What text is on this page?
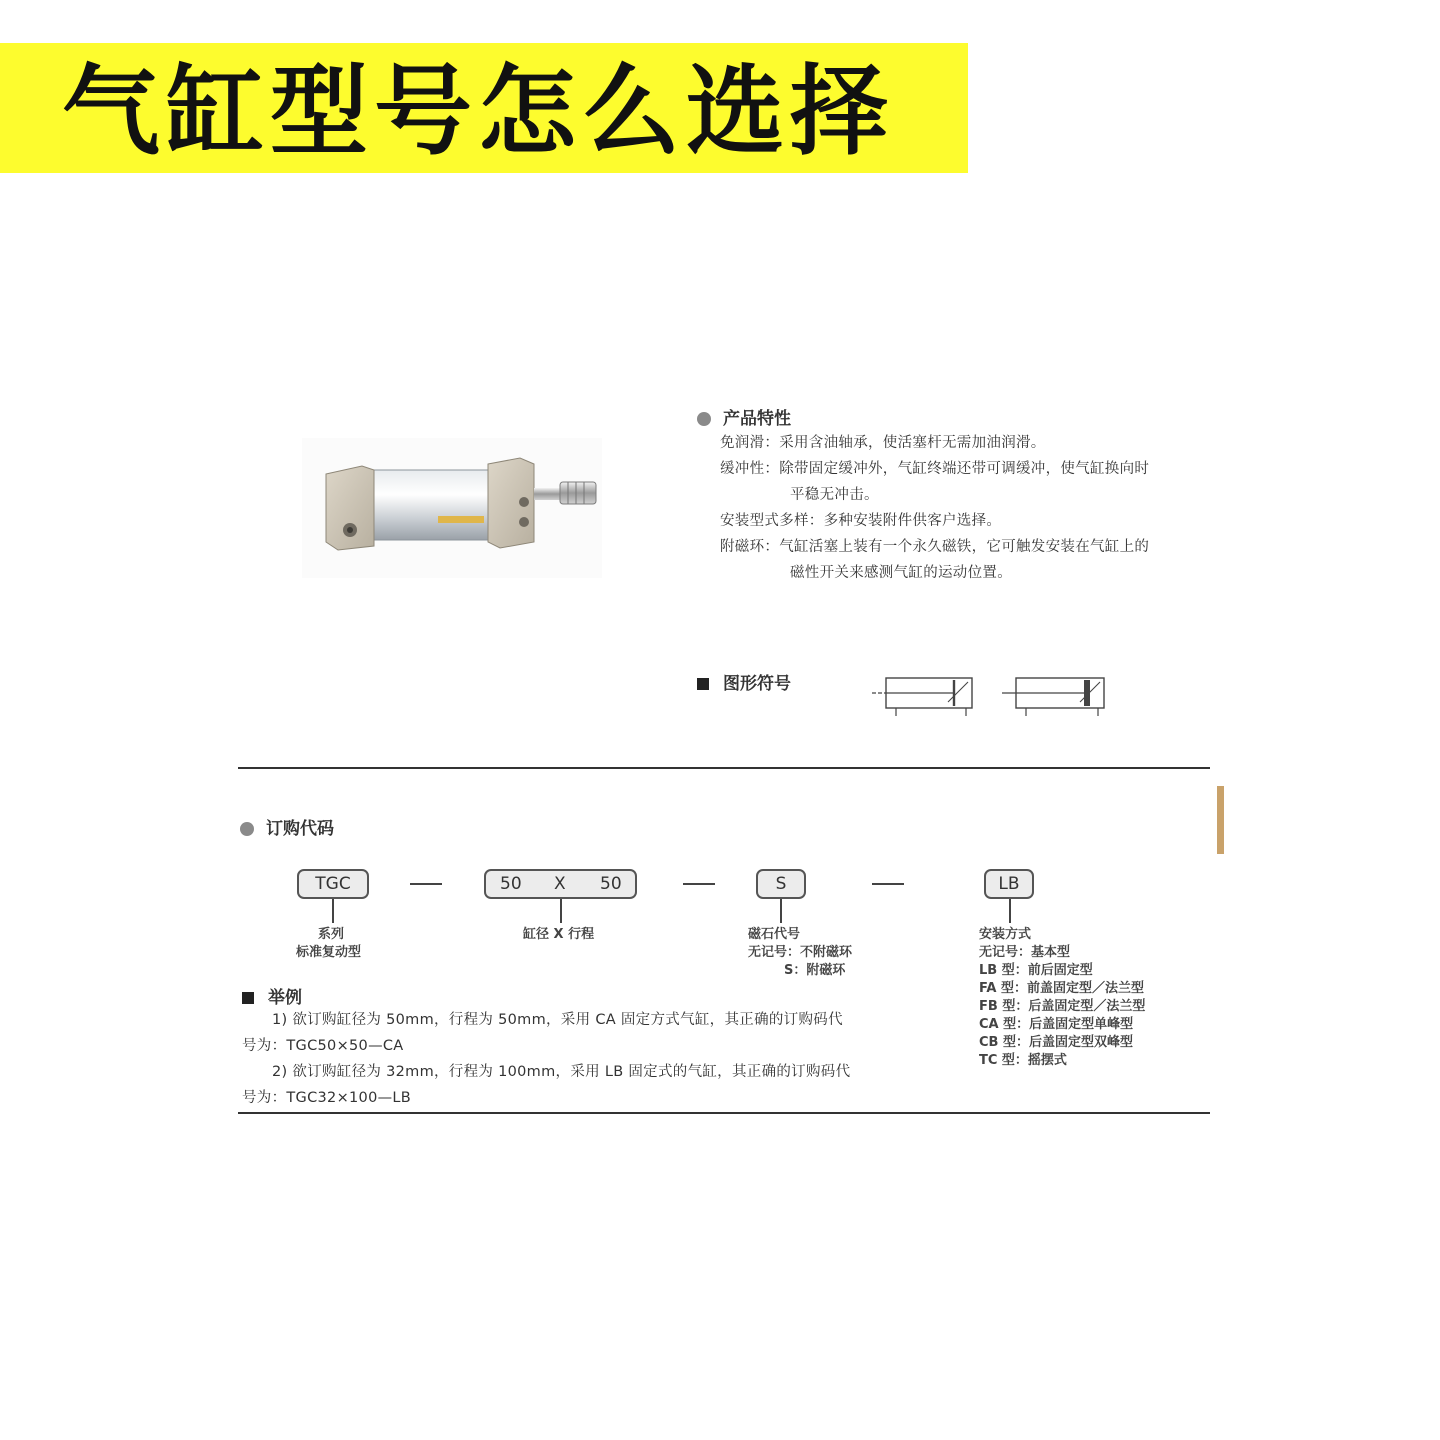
气缸型号怎么选择
产品特性
免润滑：采用含油轴承，使活塞杆无需加油润滑。
缓冲性：除带固定缓冲外，气缸终端还带可调缓冲，使气缸换向时
平稳无冲击。
安装型式多样：多种安装附件供客户选择。
附磁环：气缸活塞上装有一个永久磁铁，它可触发安装在气缸上的
磁性开关来感测气缸的运动位置。
图形符号
订购代码
TGC	50 X 50	S	LB
系列
标准复动型
缸径 X 行程	磁石代号
无记号：不附磁环
S：附磁环
安装方式
无记号：基本型
LB 型：前后固定型
FA 型：前盖固定型／法兰型
FB 型：后盖固定型／法兰型
CA 型：后盖固定型单峰型
CB 型：后盖固定型双峰型
TC 型：摇摆式
举例
1) 欲订购缸径为 50mm，行程为 50mm，采用 CA 固定方式气缸，其正确的订购码代
号为：TGC50×50—CA
2) 欲订购缸径为 32mm，行程为 100mm，采用 LB 固定式的气缸，其正确的订购码代
号为：TGC32×100—LB
